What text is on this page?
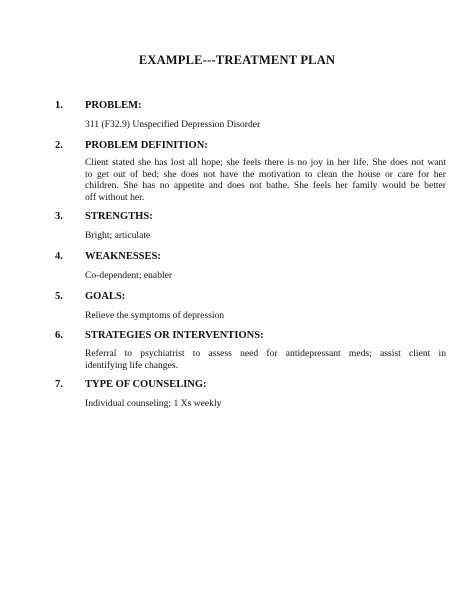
EXAMPLE---TREATMENT PLAN
1. PROBLEM:
311 (F32.9) Unspecified Depression Disorder
2. PROBLEM DEFINITION:
Client stated she has lost all hope; she feels there is no joy in her life. She does not want
to get out of bed; she does not have the motivation to clean the house or care for her
children. She has no appetite and does not bathe. She feels her family would be better
off without her.
3. STRENGTHS:
Bright; articulate
4. WEAKNESSES:
Co-dependent; enabler
5. GOALS:
Relieve the symptoms of depression
6. STRATEGIES OR INTERVENTIONS:
Referral to psychiatrist to assess need for antidepressant meds; assist client in
identifying life changes.
7. TYPE OF COUNSELING:
Individual counseling; 1 Xs weekly
